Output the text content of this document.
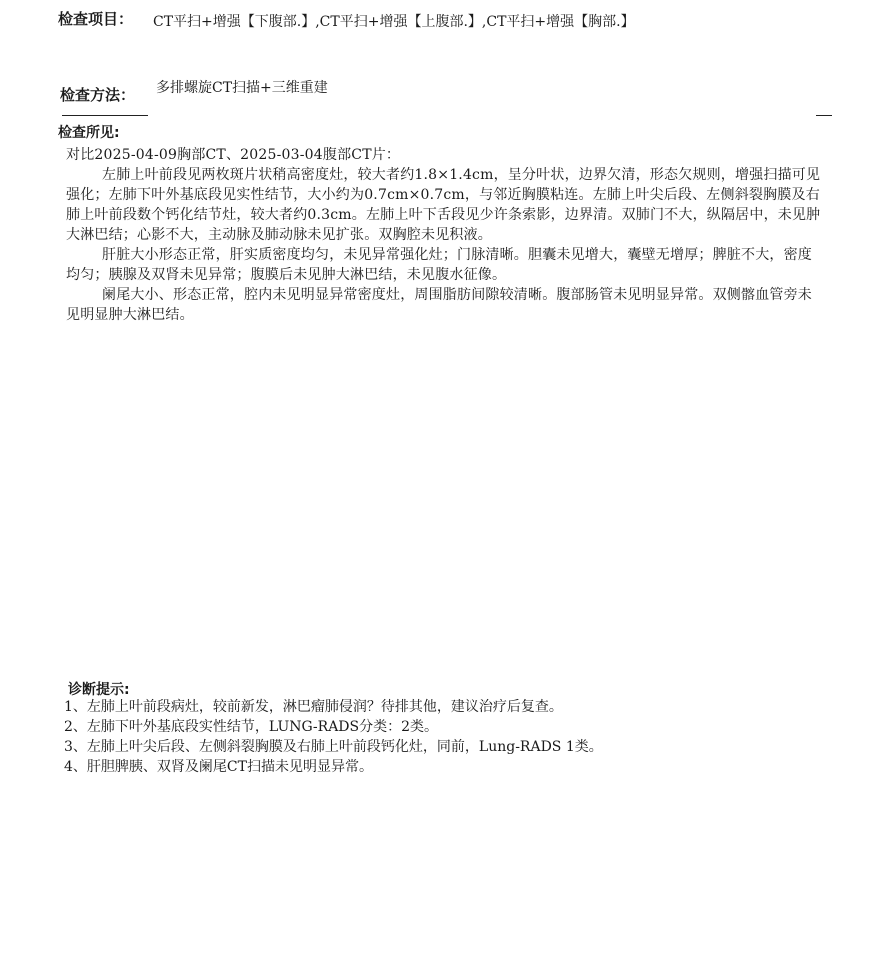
检查项目： CT平扫+增强【下腹部.】,CT平扫+增强【上腹部.】,CT平扫+增强【胸部.】
检查方法： 多排螺旋CT扫描+三维重建
检查所见:

对比2025-04-09胸部CT、2025-03-04腹部CT片：

左肺上叶前段见两枚斑片状稍高密度灶，较大者约1.8×1.4cm，呈分叶状，边界欠清，形态欠规则，增强扫描可见强化；左肺下叶外基底段见实性结节，大小约为0.7cm×0.7cm，与邻近胸膜粘连。左肺上叶尖后段、左侧斜裂胸膜及右肺上叶前段数个钙化结节灶，较大者约0.3cm。左肺上叶下舌段见少许条索影，边界清。双肺门不大，纵隔居中，未见肿大淋巴结；心影不大，主动脉及肺动脉未见扩张。双胸腔未见积液。

肝脏大小形态正常，肝实质密度均匀，未见异常强化灶；门脉清晰。胆囊未见增大，囊壁无增厚；脾脏不大，密度均匀；胰腺及双肾未见异常；腹膜后未见肿大淋巴结，未见腹水征像。

阑尾大小、形态正常，腔内未见明显异常密度灶，周围脂肪间隙较清晰。腹部肠管未见明显异常。双侧髂血管旁未见明显肿大淋巴结。

诊断提示:
1、左肺上叶前段病灶，较前新发，淋巴瘤肺侵润？待排其他，建议治疗后复查。
2、左肺下叶外基底段实性结节，LUNG-RADS分类：2类。
3、左肺上叶尖后段、左侧斜裂胸膜及右肺上叶前段钙化灶，同前，Lung-RADS 1类。
4、肝胆脾胰、双肾及阑尾CT扫描未见明显异常。
